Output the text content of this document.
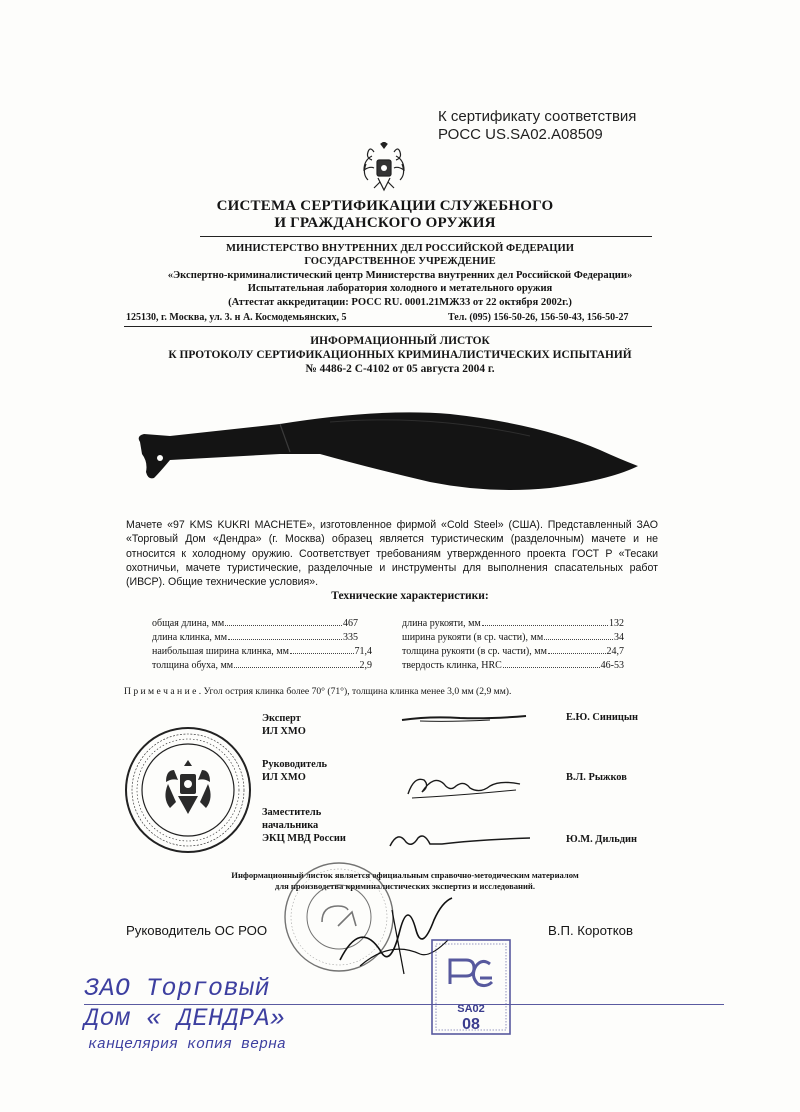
К сертификату соответствия
РОСС US.SA02.A08509
СИСТЕМА СЕРТИФИКАЦИИ СЛУЖЕБНОГО
И ГРАЖДАНСКОГО ОРУЖИЯ
МИНИСТЕРСТВО ВНУТРЕННИХ ДЕЛ РОССИЙСКОЙ ФЕДЕРАЦИИ
ГОСУДАРСТВЕННОЕ УЧРЕЖДЕНИЕ
«Экспертно-криминалистический центр Министерства внутренних дел Российской Федерации»
Испытательная лаборатория холодного и метательного оружия
(Аттестат аккредитации: РОСС RU. 0001.21МЖ33 от 22 октября 2002г.)
125130, г. Москва, ул. 3. н А. Космодемьянских, 5	Тел. (095) 156-50-26, 156-50-43, 156-50-27
ИНФОРМАЦИОННЫЙ ЛИСТОК
К ПРОТОКОЛУ СЕРТИФИКАЦИОННЫХ КРИМИНАЛИСТИЧЕСКИХ ИСПЫТАНИЙ
№ 4486-2 С-4102 от 05 августа 2004 г.
Мачете «97 KMS KUKRI MACHETE», изготовленное фирмой «Cold Steel» (США). Представленный ЗАО «Торговый Дом «Дендра» (г. Москва) образец является туристическим (разделочным) мачете и не относится к холодному оружию. Соответствует требованиям утвержденного проекта ГОСТ Р «Тесаки охотничьи, мачете туристические, разделочные и инструменты для выполнения спасательных работ (ИВСР). Общие технические условия».
Технические характеристики:
общая длина, мм	467
длина клинка, мм	335
наибольшая ширина клинка, мм	71,4
толщина обуха, мм	2,9
длина рукояти, мм	132
ширина рукояти (в ср. части), мм	34
толщина рукояти (в ср. части), мм	24,7
твердость клинка, HRC	46-53
П р и м е ч а н и е . Угол острия клинка более 70° (71°), толщина клинка менее 3,0 мм (2,9 мм).
Эксперт
ИЛ ХМО
Е.Ю. Синицын
Руководитель
ИЛ ХМО	В.Л. Рыжков
Заместитель
начальника
ЭКЦ МВД России	Ю.М. Дильдин
Информационный листок является официальным справочно-методическим материалом
для производства криминалистических экспертиз и исследований.
Руководитель ОС РОО	В.П. Коротков
SA02
08
ЗАО Торговый
Дом « ДЕНДРА»
канцелярия копия верна
